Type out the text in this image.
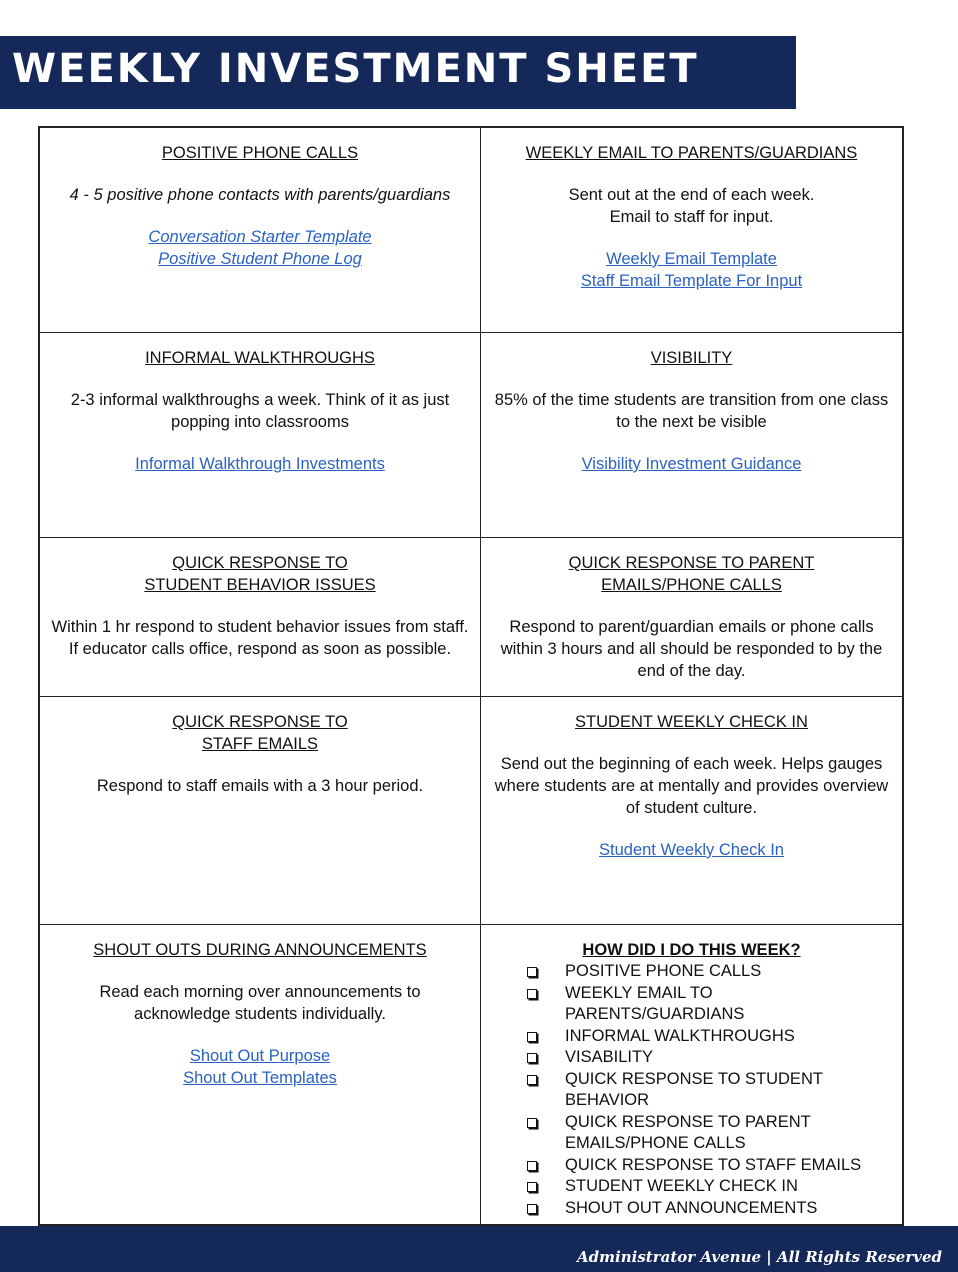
WEEKLY INVESTMENT SHEET
POSITIVE PHONE CALLS
4 - 5 positive phone contacts with parents/guardians
Conversation Starter Template
Positive Student Phone Log
WEEKLY EMAIL TO PARENTS/GUARDIANS
Sent out at the end of each week.
Email to staff for input.
Weekly Email Template
Staff Email Template For Input
INFORMAL WALKTHROUGHS
2-3 informal walkthroughs a week. Think of it as just popping into classrooms
Informal Walkthrough Investments
VISIBILITY
85% of the time students are transition from one class to the next be visible
Visibility Investment Guidance
QUICK RESPONSE TO
STUDENT BEHAVIOR ISSUES
Within 1 hr respond to student behavior issues from staff. If educator calls office, respond as soon as possible.
QUICK RESPONSE TO PARENT
EMAILS/PHONE CALLS
Respond to parent/guardian emails or phone calls within 3 hours and all should be responded to by the end of the day.
QUICK RESPONSE TO
STAFF EMAILS
Respond to staff emails with a 3 hour period.
STUDENT WEEKLY CHECK IN
Send out the beginning of each week. Helps gauges where students are at mentally and provides overview of student culture.
Student Weekly Check In
SHOUT OUTS DURING ANNOUNCEMENTS
Read each morning over announcements to acknowledge students individually.
Shout Out Purpose
Shout Out Templates
HOW DID I DO THIS WEEK?
POSITIVE PHONE CALLS
WEEKLY EMAIL TO PARENTS/GUARDIANS
INFORMAL WALKTHROUGHS
VISABILITY
QUICK RESPONSE TO STUDENT BEHAVIOR
QUICK RESPONSE TO PARENT EMAILS/PHONE CALLS
QUICK RESPONSE TO STAFF EMAILS
STUDENT WEEKLY CHECK IN
SHOUT OUT ANNOUNCEMENTS
Administrator Avenue | All Rights Reserved
